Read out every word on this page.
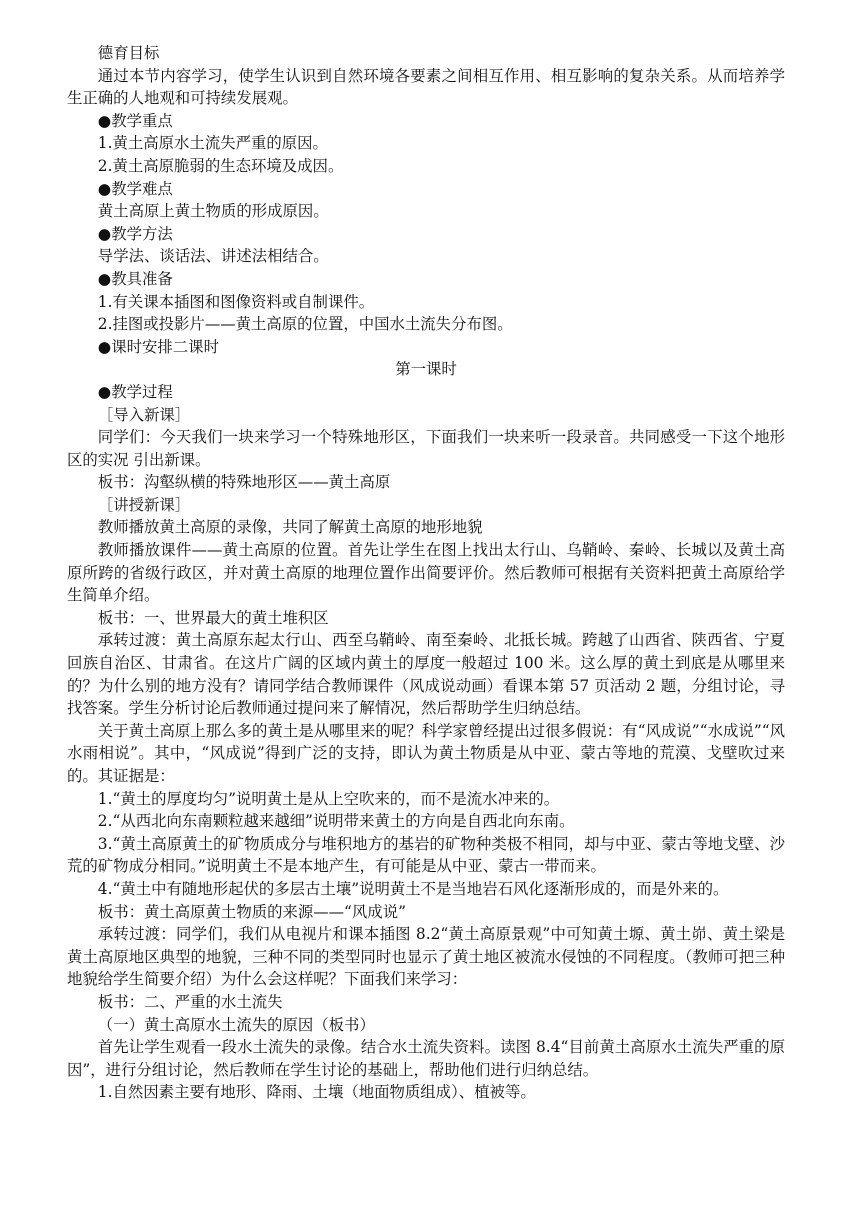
德育目标

通过本节内容学习，使学生认识到自然环境各要素之间相互作用、相互影响的复杂关系。从而培养学生正确的人地观和可持续发展观。

●教学重点

1.黄土高原水土流失严重的原因。

2.黄土高原脆弱的生态环境及成因。

●教学难点

黄土高原上黄土物质的形成原因。

●教学方法

导学法、谈话法、讲述法相结合。

●教具准备

1.有关课本插图和图像资料或自制课件。

2.挂图或投影片——黄土高原的位置，中国水土流失分布图。

●课时安排二课时

第一课时

●教学过程

［导入新课］

同学们：今天我们一块来学习一个特殊地形区，下面我们一块来听一段录音。共同感受一下这个地形区的实况 引出新课。

板书：沟壑纵横的特殊地形区——黄土高原

［讲授新课］

教师播放黄土高原的录像，共同了解黄土高原的地形地貌

教师播放课件——黄土高原的位置。首先让学生在图上找出太行山、乌鞘岭、秦岭、长城以及黄土高原所跨的省级行政区，并对黄土高原的地理位置作出简要评价。然后教师可根据有关资料把黄土高原给学生简单介绍。

板书：一、世界最大的黄土堆积区

承转过渡：黄土高原东起太行山、西至乌鞘岭、南至秦岭、北抵长城。跨越了山西省、陕西省、宁夏回族自治区、甘肃省。在这片广阔的区域内黄土的厚度一般超过 100 米。这么厚的黄土到底是从哪里来的？为什么别的地方没有？请同学结合教师课件（风成说动画）看课本第 57 页活动 2 题，分组讨论，寻找答案。学生分析讨论后教师通过提问来了解情况，然后帮助学生归纳总结。

关于黄土高原上那么多的黄土是从哪里来的呢？科学家曾经提出过很多假说：有“风成说”“水成说”“风水雨相说”。其中，“风成说”得到广泛的支持，即认为黄土物质是从中亚、蒙古等地的荒漠、戈壁吹过来的。其证据是：

1.“黄土的厚度均匀”说明黄土是从上空吹来的，而不是流水冲来的。

2.“从西北向东南颗粒越来越细”说明带来黄土的方向是自西北向东南。

3.“黄土高原黄土的矿物质成分与堆积地方的基岩的矿物种类极不相同，却与中亚、蒙古等地戈壁、沙荒的矿物成分相同。”说明黄土不是本地产生，有可能是从中亚、蒙古一带而来。

4.“黄土中有随地形起伏的多层古土壤”说明黄土不是当地岩石风化逐渐形成的，而是外来的。

板书：黄土高原黄土物质的来源——“风成说”

承转过渡：同学们，我们从电视片和课本插图 8.2“黄土高原景观”中可知黄土塬、黄土峁、黄土梁是黄土高原地区典型的地貌，三种不同的类型同时也显示了黄土地区被流水侵蚀的不同程度。（教师可把三种地貌给学生简要介绍）为什么会这样呢？下面我们来学习：

板书：二、严重的水土流失

（一）黄土高原水土流失的原因（板书）

首先让学生观看一段水土流失的录像。结合水土流失资料。读图 8.4“目前黄土高原水土流失严重的原因”，进行分组讨论，然后教师在学生讨论的基础上，帮助他们进行归纳总结。

1.自然因素主要有地形、降雨、土壤（地面物质组成）、植被等。
